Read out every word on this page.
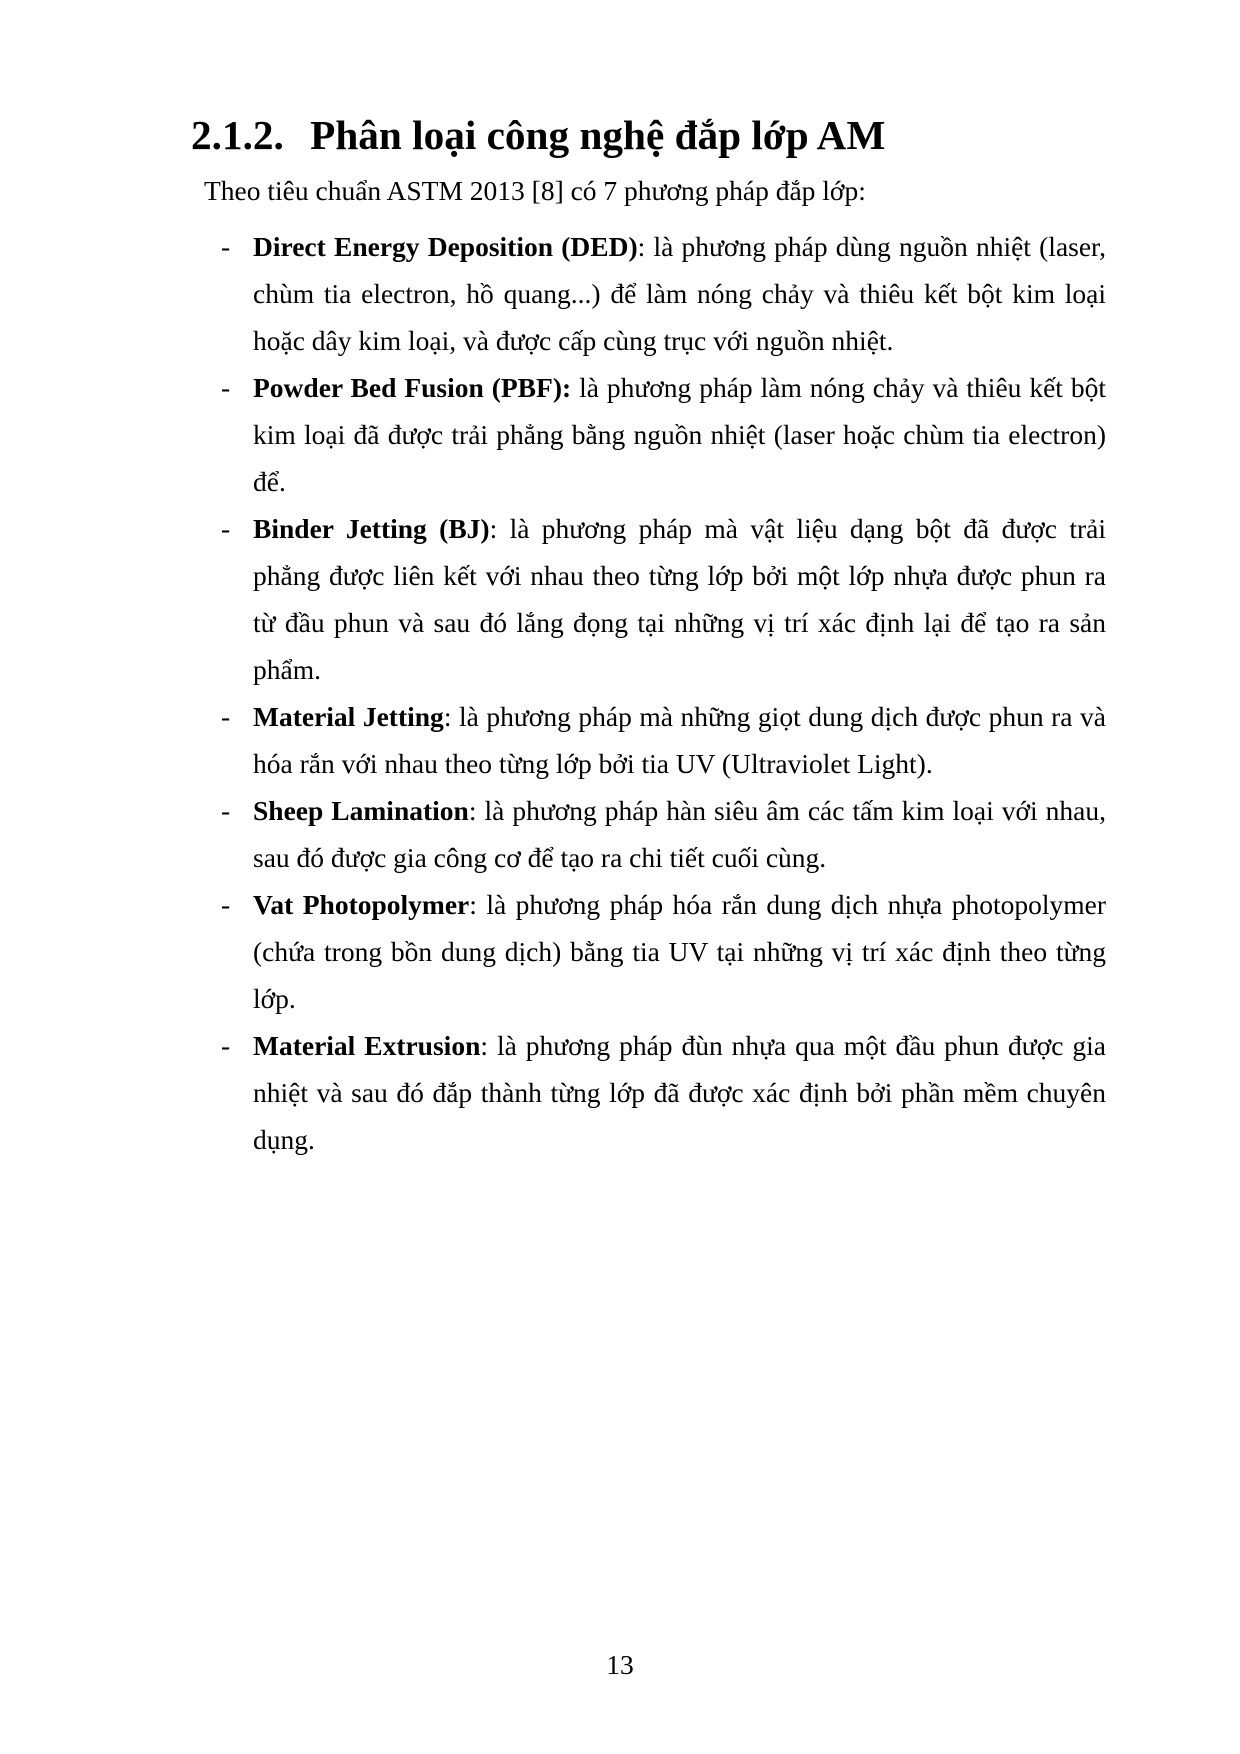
2.1.2. Phân loại công nghệ đắp lớp AM

Theo tiêu chuẩn ASTM 2013 [8] có 7 phương pháp đắp lớp:

- Direct Energy Deposition (DED): là phương pháp dùng nguồn nhiệt (laser, chùm tia electron, hồ quang...) để làm nóng chảy và thiêu kết bột kim loại hoặc dây kim loại, và được cấp cùng trục với nguồn nhiệt.
- Powder Bed Fusion (PBF): là phương pháp làm nóng chảy và thiêu kết bột kim loại đã được trải phẳng bằng nguồn nhiệt (laser hoặc chùm tia electron) để.
- Binder Jetting (BJ): là phương pháp mà vật liệu dạng bột đã được trải phẳng được liên kết với nhau theo từng lớp bởi một lớp nhựa được phun ra từ đầu phun và sau đó lắng đọng tại những vị trí xác định lại để tạo ra sản phẩm.
- Material Jetting: là phương pháp mà những giọt dung dịch được phun ra và hóa rắn với nhau theo từng lớp bởi tia UV (Ultraviolet Light).
- Sheep Lamination: là phương pháp hàn siêu âm các tấm kim loại với nhau, sau đó được gia công cơ để tạo ra chi tiết cuối cùng.
- Vat Photopolymer: là phương pháp hóa rắn dung dịch nhựa photopolymer (chứa trong bồn dung dịch) bằng tia UV tại những vị trí xác định theo từng lớp.
- Material Extrusion: là phương pháp đùn nhựa qua một đầu phun được gia nhiệt và sau đó đắp thành từng lớp đã được xác định bởi phần mềm chuyên dụng.
13
